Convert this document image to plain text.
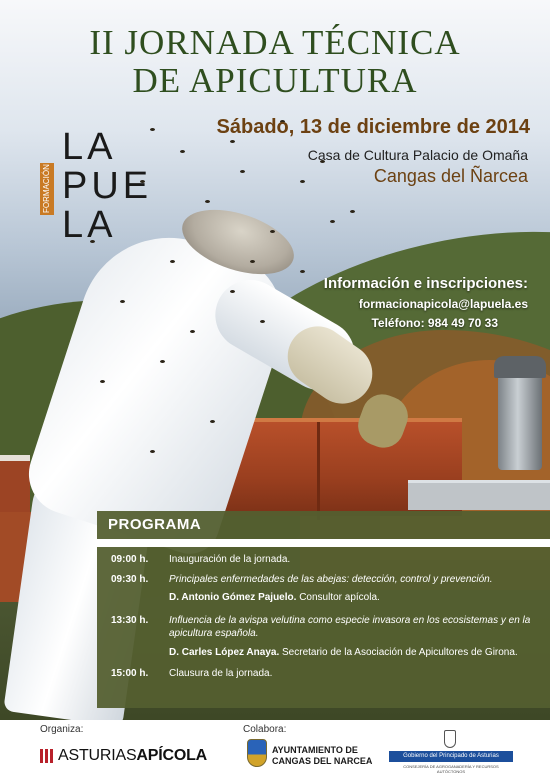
II JORNADA TÉCNICA
DE APICULTURA
Sábado, 13 de diciembre de 2014
Casa de Cultura Palacio de Omaña
Cangas del Ñarcea
FORMACIÓN
LA
PUE
LA
Información e inscripciones:
formacionapicola@lapuela.es
Teléfono: 984 49 70 33
PROGRAMA
09:00 h.	Inauguración de la jornada.
09:30 h.	Principales enfermedades de las abejas: detección, control y prevención.
D. Antonio Gómez Pajuelo. Consultor apícola.
13:30 h.	Influencia de la avispa velutina como especie invasora en los ecosistemas y en la apicultura española.
D. Carles López Anaya. Secretario de la Asociación de Apicultores de Girona.
15:00 h.	Clausura de la jornada.
Organiza:	Colabora:
ASTURIASAPÍCOLA	AYUNTAMIENTO DE
CANGAS DEL NARCEA	Gobierno del Principado de Asturias
CONSEJERÍA DE AGROGANADERÍA Y RECURSOS AUTÓCTONOS
